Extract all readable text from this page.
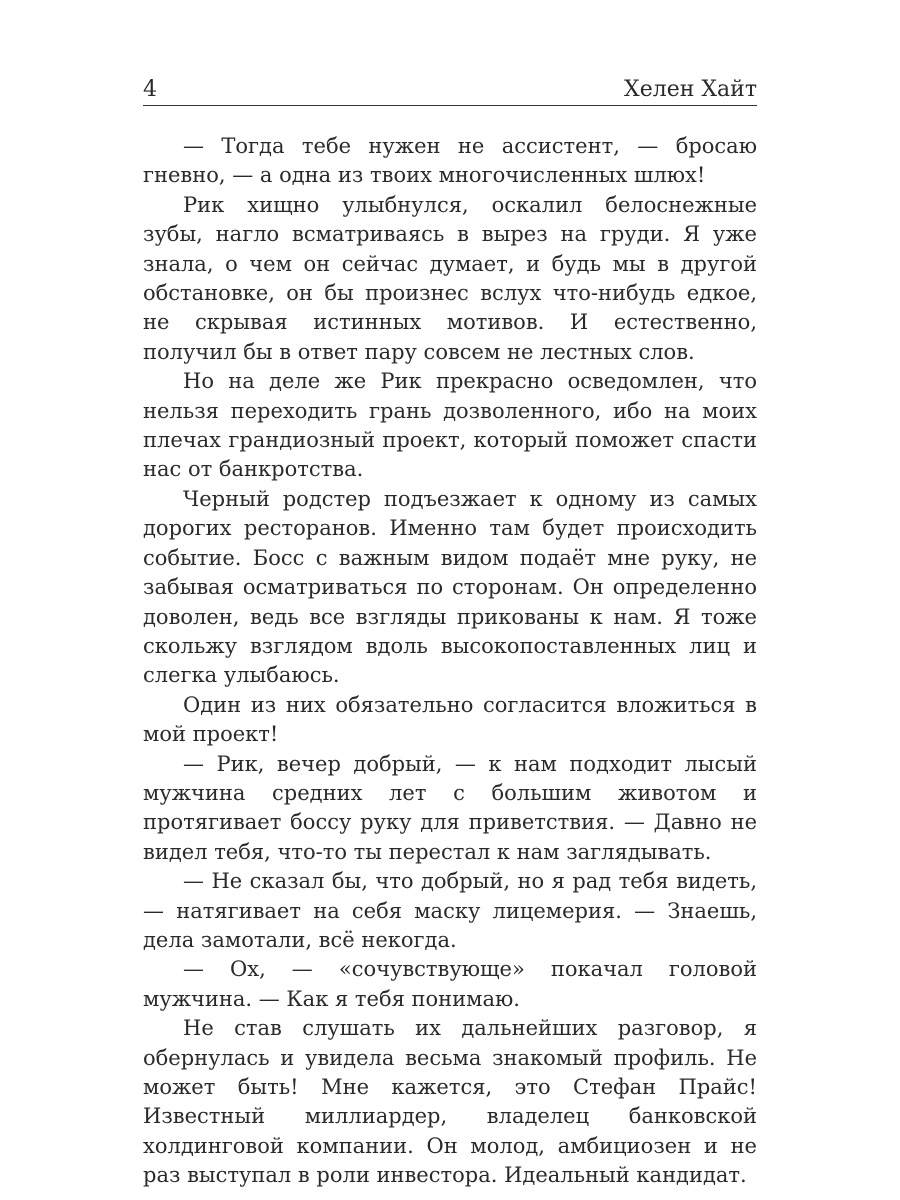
4	Хелен Хайт

— Тогда тебе нужен не ассистент, — бросаю гневно, — а одна из твоих многочисленных шлюх!

Рик хищно улыбнулся, оскалил белоснежные зубы, нагло всматриваясь в вырез на груди. Я уже знала, о чем он сейчас думает, и будь мы в другой обстановке, он бы произнес вслух что-нибудь едкое, не скрывая истинных мотивов. И естественно, получил бы в ответ пару совсем не лестных слов.

Но на деле же Рик прекрасно осведомлен, что нельзя переходить грань дозволенного, ибо на моих плечах грандиозный проект, который поможет спасти нас от банкротства.

Черный родстер подъезжает к одному из самых дорогих ресторанов. Именно там будет происходить событие. Босс с важным видом подаёт мне руку, не забывая осматриваться по сторонам. Он определенно доволен, ведь все взгляды прикованы к нам. Я тоже скольжу взглядом вдоль высокопоставленных лиц и слегка улыбаюсь.

Один из них обязательно согласится вложиться в мой проект!

— Рик, вечер добрый, — к нам подходит лысый мужчина средних лет с большим животом и протягивает боссу руку для приветствия. — Давно не видел тебя, что-то ты перестал к нам заглядывать.

— Не сказал бы, что добрый, но я рад тебя видеть, — натягивает на себя маску лицемерия. — Знаешь, дела замотали, всё некогда.

— Ох, — «сочувствующе» покачал головой мужчина. — Как я тебя понимаю.

Не став слушать их дальнейших разговор, я обернулась и увидела весьма знакомый профиль. Не может быть! Мне кажется, это Стефан Прайс! Известный миллиардер, владелец банковской холдинговой компании. Он молод, амбициозен и не раз выступал в роли инвестора. Идеальный кандидат.
